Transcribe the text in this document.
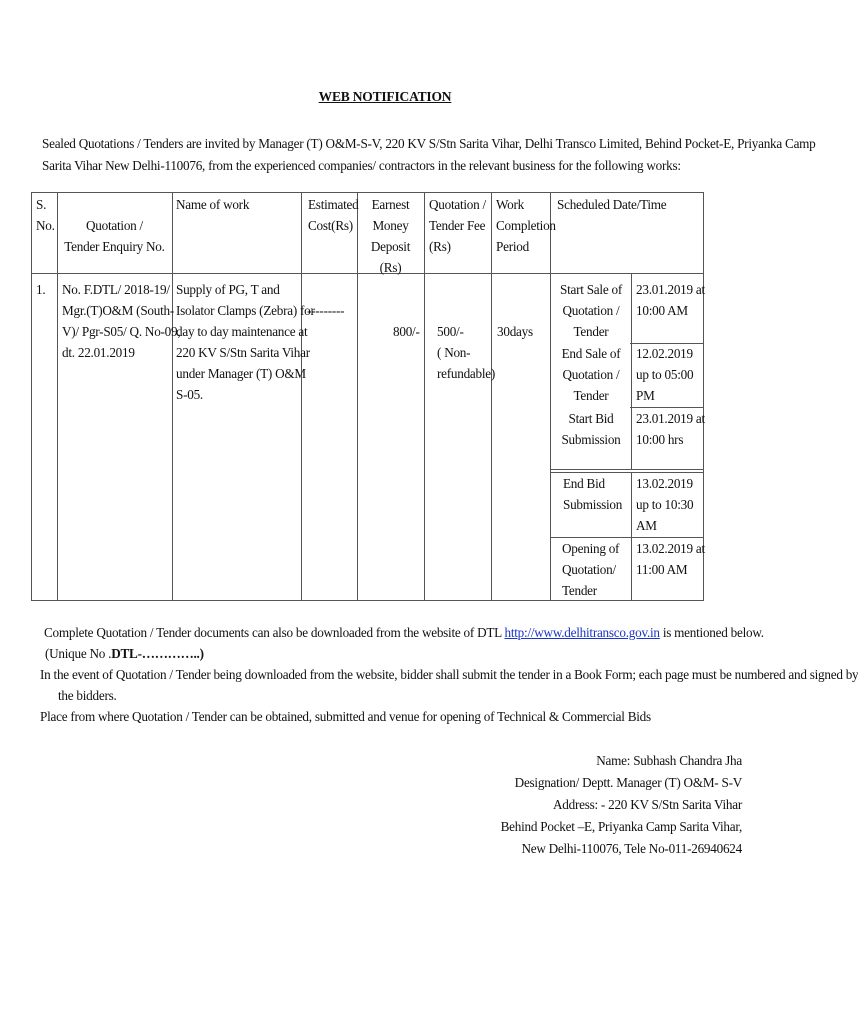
WEB NOTIFICATION
Sealed Quotations / Tenders are invited by Manager (T) O&M-S-V, 220 KV S/Stn Sarita Vihar, Delhi Transco Limited, Behind Pocket-E, Priyanka Camp
Sarita Vihar New Delhi-110076, from the experienced companies/ contractors in the relevant business for the following works:
S.
No.	Quotation /
Tender Enquiry No.
Name of work	Estimated
Cost(Rs)
Earnest
Money
Deposit
(Rs)
Quotation /
Tender Fee
(Rs)
Work
Completion
Period
Scheduled Date/Time
1. No. F.DTL/ 2018-19/
Mgr.(T)O&M (South-
V)/ Pgr-S05/ Q. No-09,
dt. 22.01.2019
Supply of PG, T and
Isolator Clamps (Zebra) for
day to day maintenance at
220 KV S/Stn Sarita Vihar
under Manager (T) O&M
S-05.
---------
800/- 500/-
( Non-
refundable)
30days
Start Sale of
Quotation /
Tender
23.01.2019 at
10:00 AM
End Sale of
Quotation /
Tender
12.02.2019
up to 05:00
PM
Start Bid
Submission
23.01.2019 at
10:00 hrs
End Bid
Submission
13.02.2019
up to 10:30
AM
Opening of
Quotation/
Tender
13.02.2019 at
11:00 AM
Complete Quotation / Tender documents can also be downloaded from the website of DTL http://www.delhitransco.gov.in is mentioned below.
(Unique No .DTL-…………..)
In the event of Quotation / Tender being downloaded from the website, bidder shall submit the tender in a Book Form; each page must be numbered and signed by
the bidders.
Place from where Quotation / Tender can be obtained, submitted and venue for opening of Technical & Commercial Bids
Name: Subhash Chandra Jha
Designation/ Deptt. Manager (T) O&M- S-V
Address: - 220 KV S/Stn Sarita Vihar
Behind Pocket –E, Priyanka Camp Sarita Vihar,
New Delhi-110076, Tele No-011-26940624
